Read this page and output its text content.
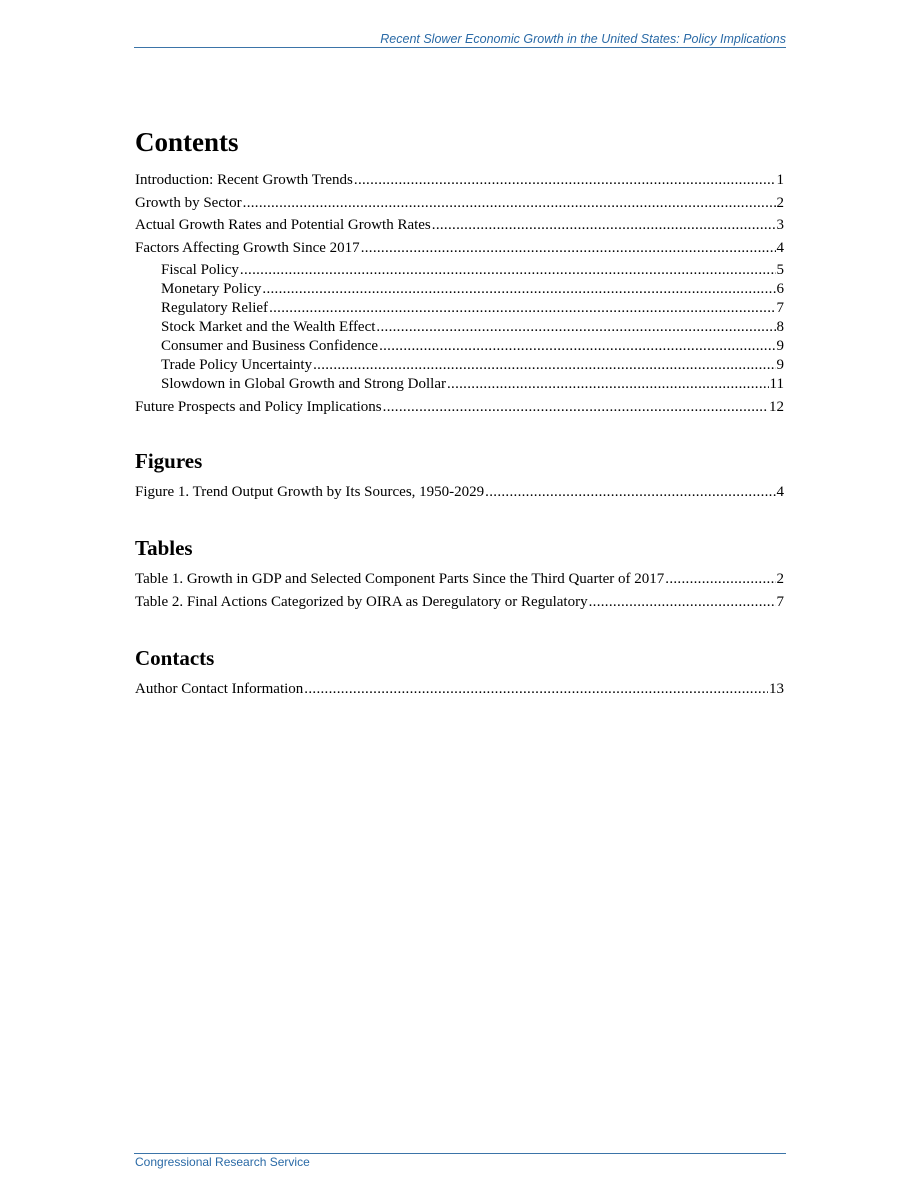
Recent Slower Economic Growth in the United States: Policy Implications
Contents
Introduction: Recent Growth Trends .....	1
Growth by Sector .....	2
Actual Growth Rates and Potential Growth Rates .....	3
Factors Affecting Growth Since 2017 .....	4
Fiscal Policy .....	5
Monetary Policy .....	6
Regulatory Relief .....	7
Stock Market and the Wealth Effect .....	8
Consumer and Business Confidence .....	9
Trade Policy Uncertainty .....	9
Slowdown in Global Growth and Strong Dollar .....	11
Future Prospects and Policy Implications .....	12
Figures
Figure 1. Trend Output Growth by Its Sources, 1950-2029 .....	4
Tables
Table 1. Growth in GDP and Selected Component Parts Since the Third Quarter of 2017 .....	2
Table 2. Final Actions Categorized by OIRA as Deregulatory or Regulatory .....	7
Contacts
Author Contact Information .....	13
Congressional Research Service
